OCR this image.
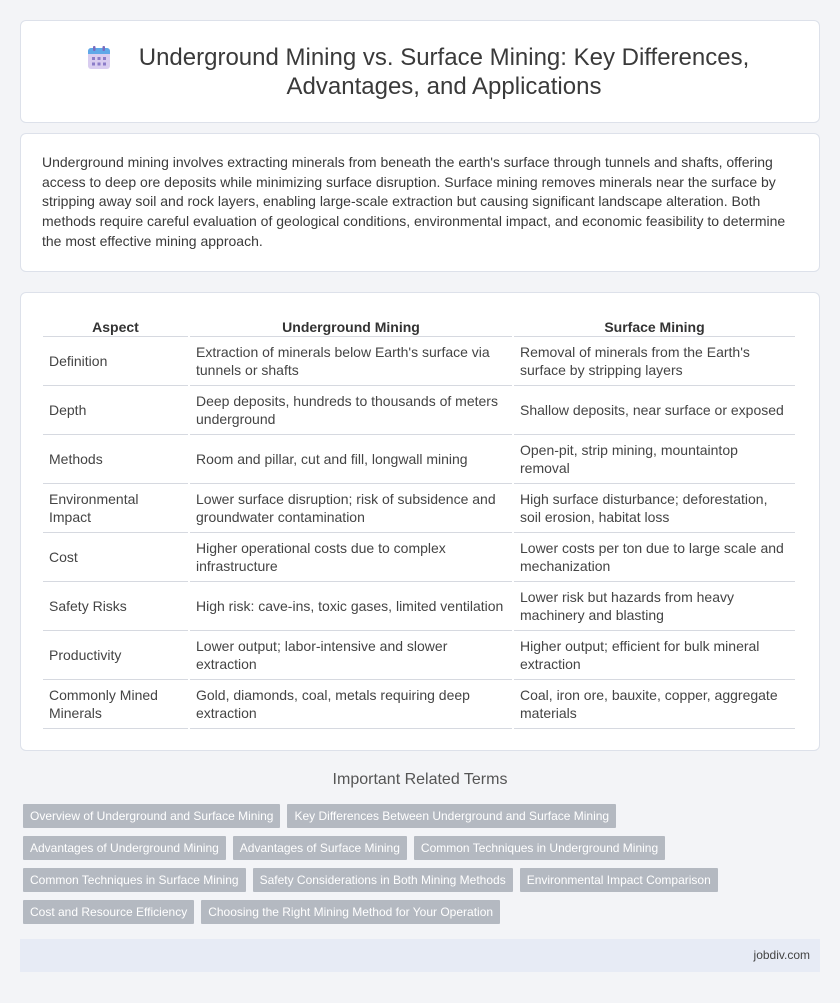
Underground Mining vs. Surface Mining: Key Differences, Advantages, and Applications

Underground mining involves extracting minerals from beneath the earth's surface through tunnels and shafts, offering access to deep ore deposits while minimizing surface disruption. Surface mining removes minerals near the surface by stripping away soil and rock layers, enabling large-scale extraction but causing significant landscape alteration. Both methods require careful evaluation of geological conditions, environmental impact, and economic feasibility to determine the most effective mining approach.

Aspect	Underground Mining	Surface Mining
Definition	Extraction of minerals below Earth's surface via tunnels or shafts	Removal of minerals from the Earth's surface by stripping layers
Depth	Deep deposits, hundreds to thousands of meters underground	Shallow deposits, near surface or exposed
Methods	Room and pillar, cut and fill, longwall mining	Open-pit, strip mining, mountaintop removal
Environmental Impact	Lower surface disruption; risk of subsidence and groundwater contamination	High surface disturbance; deforestation, soil erosion, habitat loss
Cost	Higher operational costs due to complex infrastructure	Lower costs per ton due to large scale and mechanization
Safety Risks	High risk: cave-ins, toxic gases, limited ventilation	Lower risk but hazards from heavy machinery and blasting
Productivity	Lower output; labor-intensive and slower extraction	Higher output; efficient for bulk mineral extraction
Commonly Mined Minerals	Gold, diamonds, coal, metals requiring deep extraction	Coal, iron ore, bauxite, copper, aggregate materials
Important Related Terms
Overview of Underground and Surface Mining Key Differences Between Underground and Surface Mining
Advantages of Underground Mining Advantages of Surface Mining Common Techniques in Underground Mining
Common Techniques in Surface Mining Safety Considerations in Both Mining Methods Environmental Impact Comparison
Cost and Resource Efficiency Choosing the Right Mining Method for Your Operation
jobdiv.com
